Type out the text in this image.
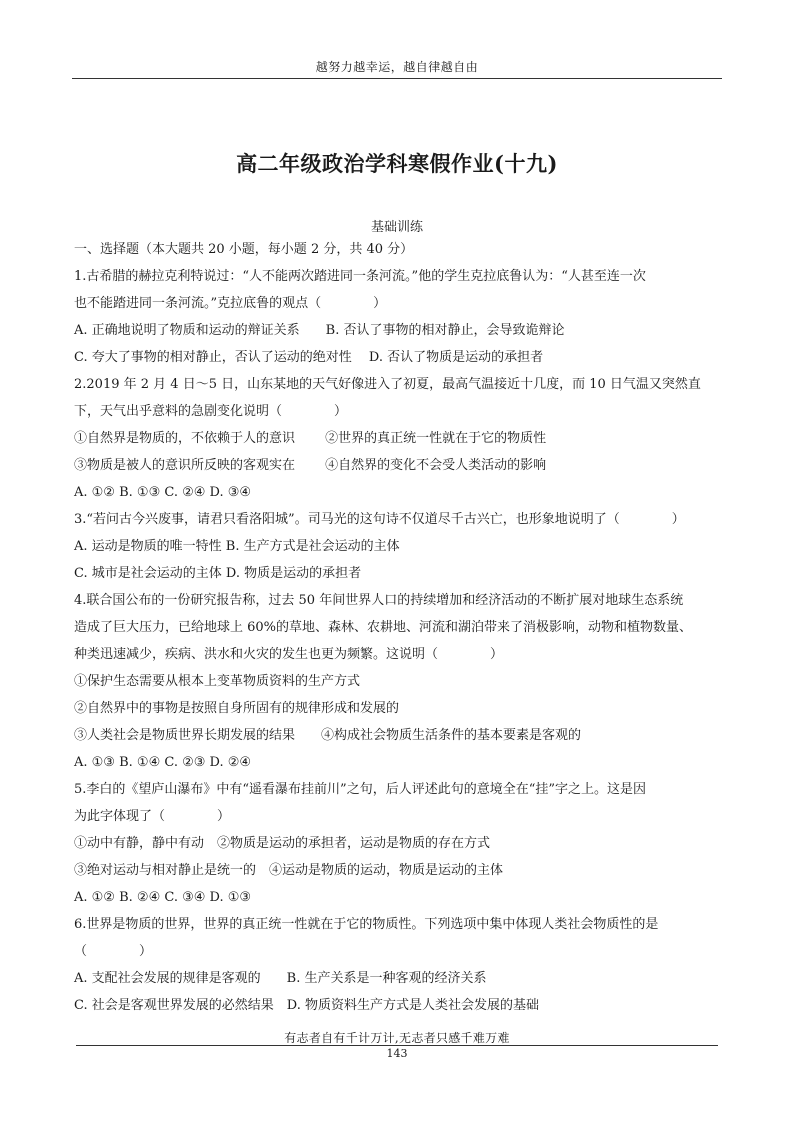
越努力越幸运，越自律越自由
高二年级政治学科寒假作业(十九)
基础训练
一、选择题（本大题共 20 小题，每小题 2 分，共 40 分）
1.古希腊的赫拉克利特说过：“人不能两次踏进同一条河流。”他的学生克拉底鲁认为：“人甚至连一次
也不能踏进同一条河流。”克拉底鲁的观点（　　　　）
A. 正确地说明了物质和运动的辩证关系　　B. 否认了事物的相对静止，会导致诡辩论
C. 夸大了事物的相对静止，否认了运动的绝对性　 D. 否认了物质是运动的承担者
2.2019 年 2 月 4 日～5 日，山东某地的天气好像进入了初夏，最高气温接近十几度，而 10 日气温又突然直
下，天气出乎意料的急剧变化说明（　　　　）
①自然界是物质的，不依赖于人的意识　　 ②世界的真正统一性就在于它的物质性
③物质是被人的意识所反映的客观实在　　 ④自然界的变化不会受人类活动的影响
A. ①② B. ①③ C. ②④ D. ③④
3.“若问古今兴废事，请君只看洛阳城”。司马光的这句诗不仅道尽千古兴亡，也形象地说明了（　　　　）
A. 运动是物质的唯一特性 B. 生产方式是社会运动的主体
C. 城市是社会运动的主体 D. 物质是运动的承担者
4.联合国公布的一份研究报告称，过去 50 年间世界人口的持续增加和经济活动的不断扩展对地球生态系统
造成了巨大压力，已给地球上 60%的草地、森林、农耕地、河流和湖泊带来了消极影响，动物和植物数量、
种类迅速减少，疾病、洪水和火灾的发生也更为频繁。这说明（　　　　）
①保护生态需要从根本上变革物质资料的生产方式
②自然界中的事物是按照自身所固有的规律形成和发展的
③人类社会是物质世界长期发展的结果　　④构成社会物质生活条件的基本要素是客观的
A. ①③ B. ①④ C. ②③ D. ②④
5.李白的《望庐山瀑布》中有“遥看瀑布挂前川”之句，后人评述此句的意境全在“挂”字之上。这是因
为此字体现了（　　　　）
①动中有静，静中有动　②物质是运动的承担者，运动是物质的存在方式
③绝对运动与相对静止是统一的　④运动是物质的运动，物质是运动的主体
A. ①② B. ②④ C. ③④ D. ①③
6.世界是物质的世界，世界的真正统一性就在于它的物质性。下列选项中集中体现人类社会物质性的是
（　　　　）
A. 支配社会发展的规律是客观的　　B. 生产关系是一种客观的经济关系
C. 社会是客观世界发展的必然结果　D. 物质资料生产方式是人类社会发展的基础
有志者自有千计万计,无志者只感千难万难
143
